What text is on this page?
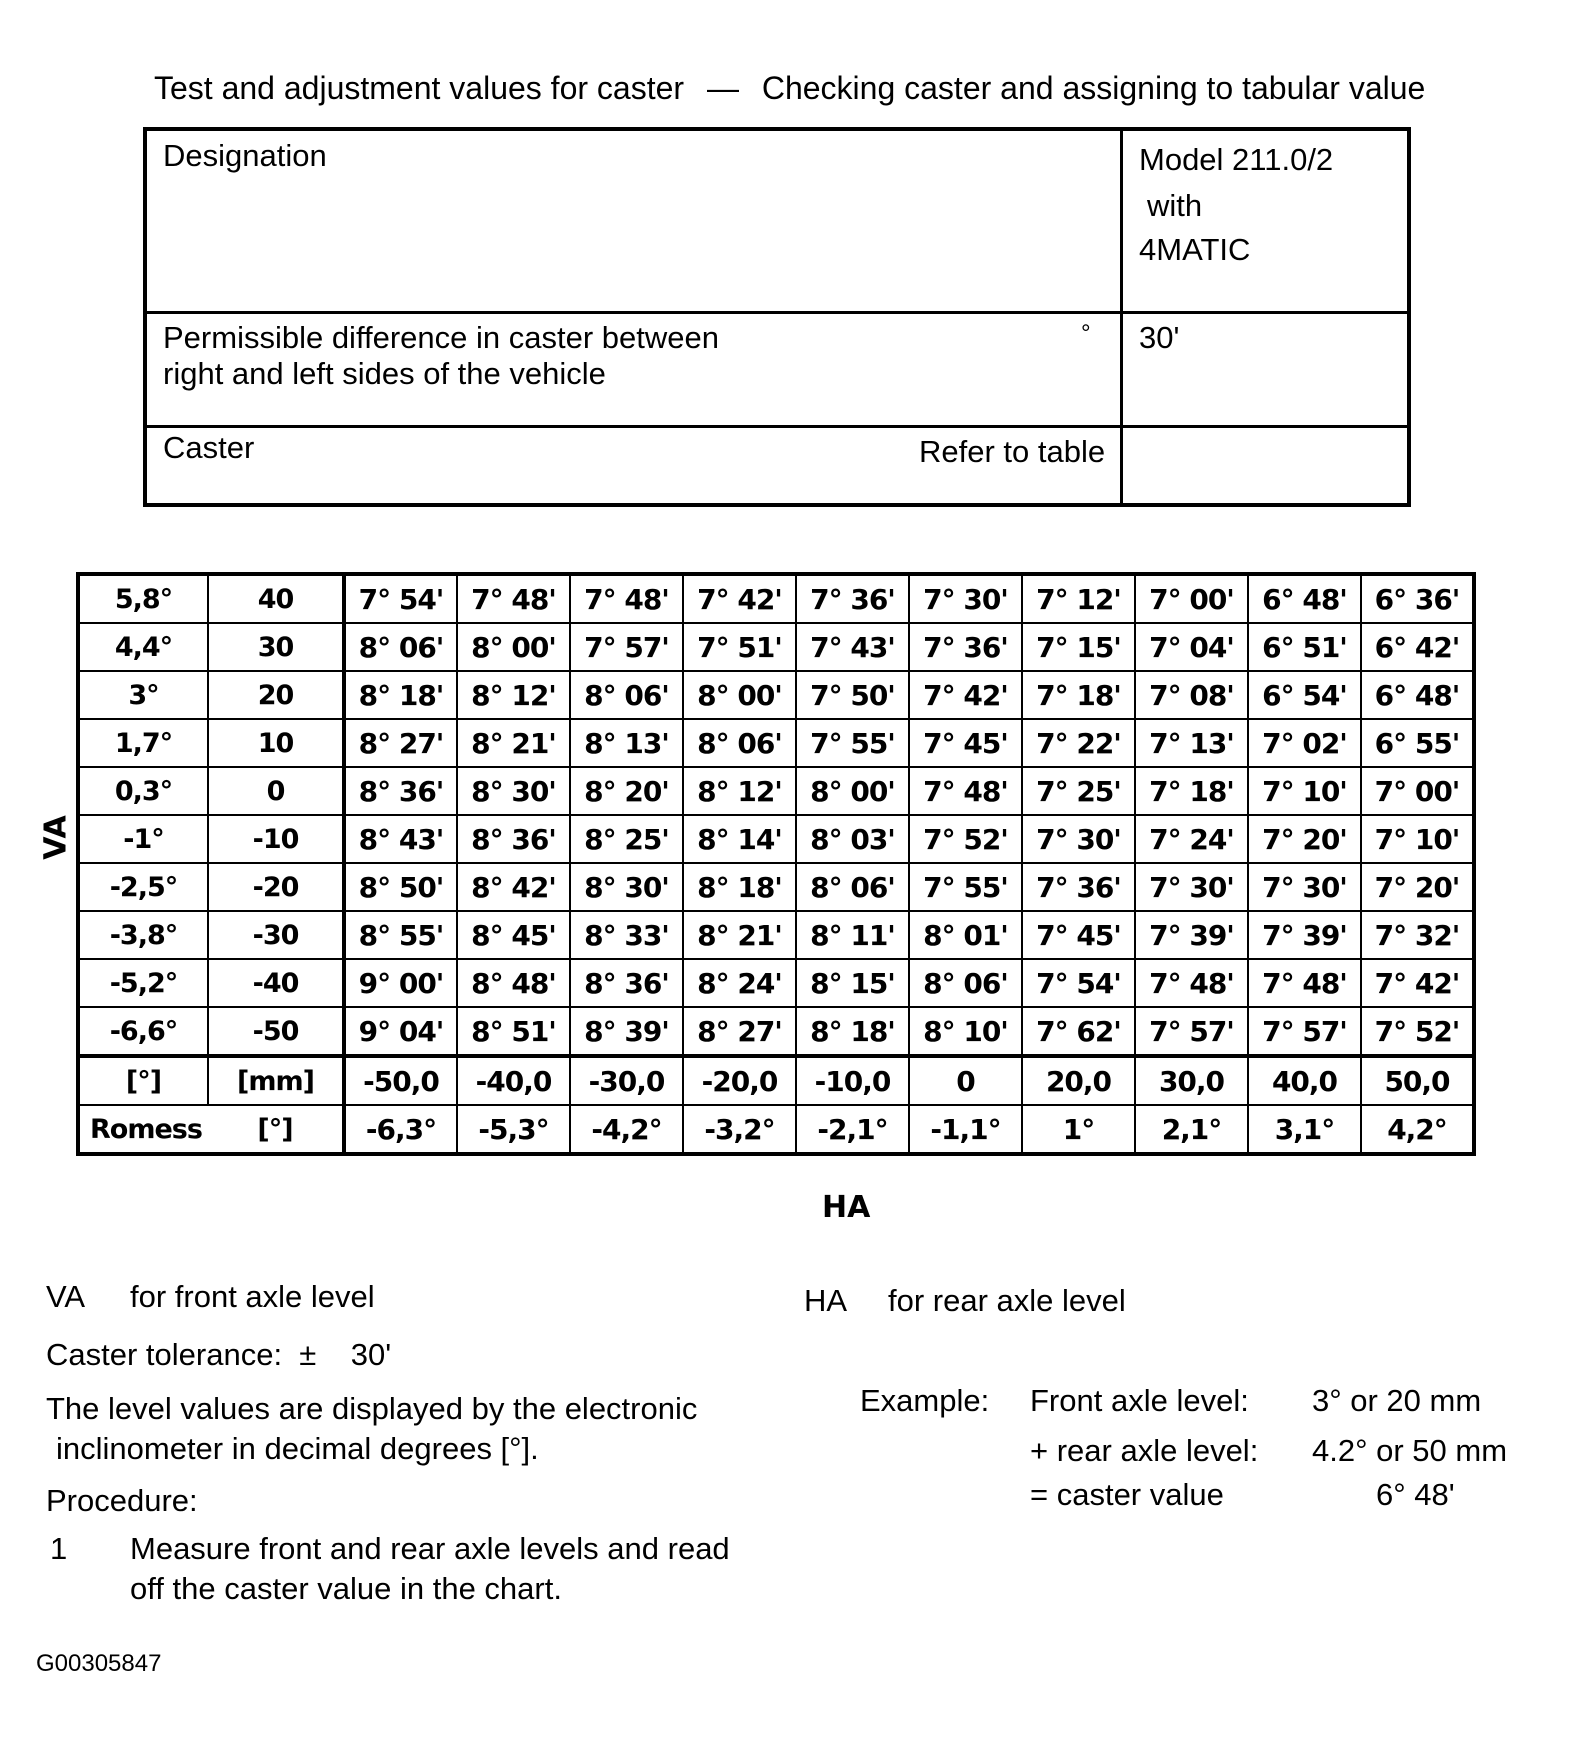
Test and adjustment values for caster — Checking caster and assigning to tabular value
Designation	Model 211.0/2
with
4MATIC
Permissible difference in caster between
right and left sides of the vehicle
° 30'
Caster	Refer to table
VA
5,8°	40	7° 54'	7° 48'	7° 48'	7° 42'	7° 36'	7° 30'	7° 12'	7° 00'	6° 48'	6° 36'
4,4°	30	8° 06'	8° 00'	7° 57'	7° 51'	7° 43'	7° 36'	7° 15'	7° 04'	6° 51'	6° 42'
3°	20	8° 18'	8° 12'	8° 06'	8° 00'	7° 50'	7° 42'	7° 18'	7° 08'	6° 54'	6° 48'
1,7°	10	8° 27'	8° 21'	8° 13'	8° 06'	7° 55'	7° 45'	7° 22'	7° 13'	7° 02'	6° 55'
0,3°	0	8° 36'	8° 30'	8° 20'	8° 12'	8° 00'	7° 48'	7° 25'	7° 18'	7° 10'	7° 00'
-1°	-10	8° 43'	8° 36'	8° 25'	8° 14'	8° 03'	7° 52'	7° 30'	7° 24'	7° 20'	7° 10'
-2,5°	-20	8° 50'	8° 42'	8° 30'	8° 18'	8° 06'	7° 55'	7° 36'	7° 30'	7° 30'	7° 20'
-3,8°	-30	8° 55'	8° 45'	8° 33'	8° 21'	8° 11'	8° 01'	7° 45'	7° 39'	7° 39'	7° 32'
-5,2°	-40	9° 00'	8° 48'	8° 36'	8° 24'	8° 15'	8° 06'	7° 54'	7° 48'	7° 48'	7° 42'
-6,6°	-50	9° 04'	8° 51'	8° 39'	8° 27'	8° 18'	8° 10'	7° 62'	7° 57'	7° 57'	7° 52'
[°]	[mm]	-50,0	-40,0	-30,0	-20,0	-10,0	0	20,0	30,0	40,0	50,0
Romess	[°]	-6,3°	-5,3°	-4,2°	-3,2°	-2,1°	-1,1°	1°	2,1°	3,1°	4,2°
HA
VA for front axle level	HA for rear axle level
Caster tolerance:  ±    30'
The level values are displayed by the electronic
inclinometer in decimal degrees [°].
Procedure:
1 Measure front and rear axle levels and read
off the caster value in the chart.
Example: Front axle level: 3° or 20 mm
+ rear axle level: 4.2° or 50 mm
= caster value	6° 48'
G00305847
